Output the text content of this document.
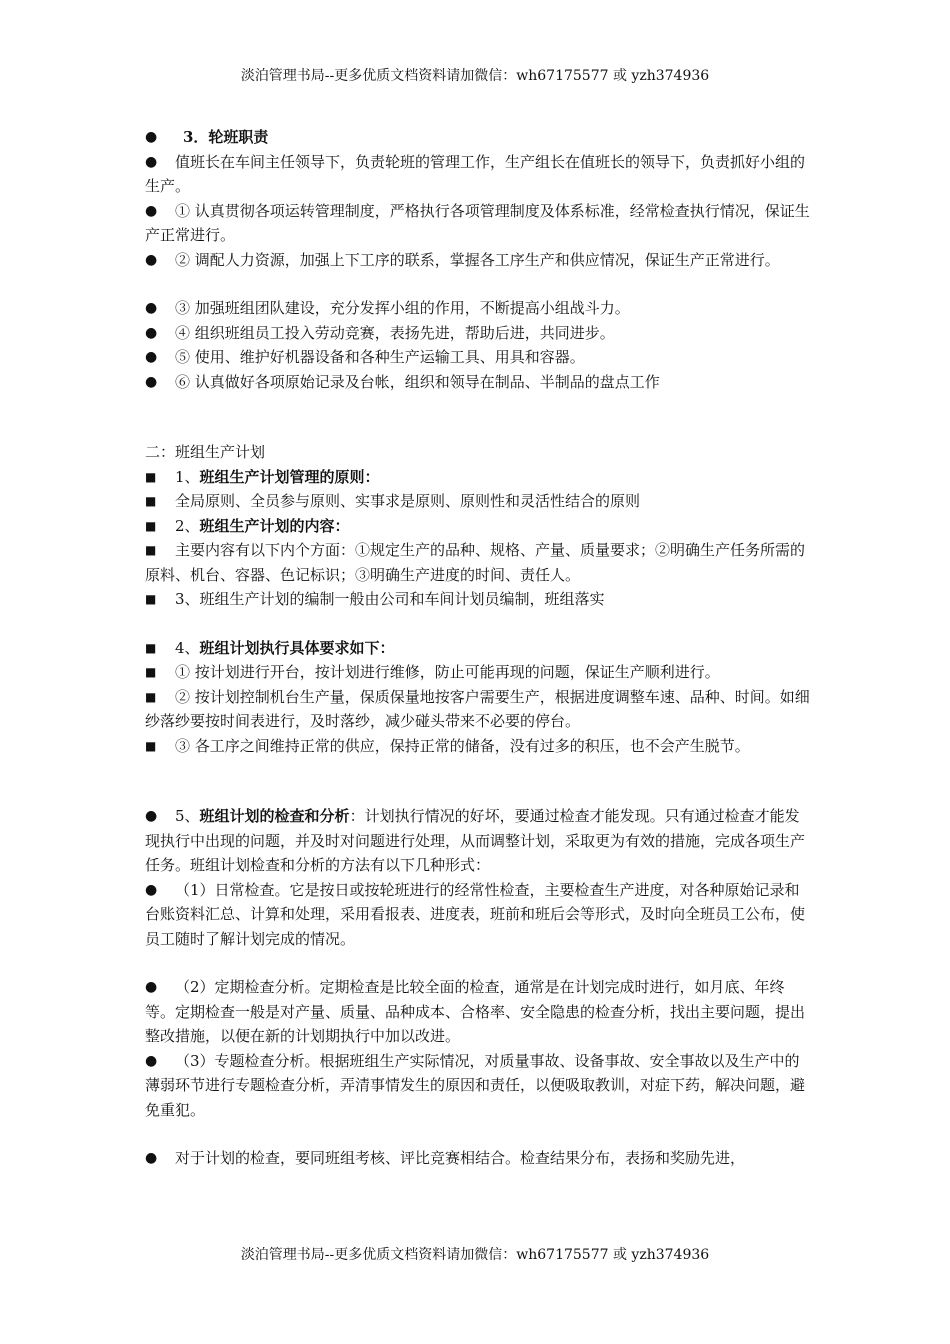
淡泊管理书局--更多优质文档资料请加微信：wh67175577 或 yzh374936
●	3．轮班职责
●	值班长在车间主任领导下，负责轮班的管理工作，生产组长在值班长的领导下，负责抓好小组的生产。
●	① 认真贯彻各项运转管理制度，严格执行各项管理制度及体系标准，经常检查执行情况，保证生产正常进行。
●	② 调配人力资源，加强上下工序的联系，掌握各工序生产和供应情况，保证生产正常进行。
●	③ 加强班组团队建设，充分发挥小组的作用，不断提高小组战斗力。
●	④ 组织班组员工投入劳动竞赛，表扬先进，帮助后进，共同进步。
●	⑤ 使用、维护好机器设备和各种生产运输工具、用具和容器。
●	⑥ 认真做好各项原始记录及台帐，组织和领导在制品、半制品的盘点工作

二：班组生产计划

■	1、班组生产计划管理的原则：
■	全局原则、全员参与原则、实事求是原则、原则性和灵活性结合的原则
■	2、班组生产计划的内容：
■	主要内容有以下内个方面：①规定生产的品种、规格、产量、质量要求；②明确生产任务所需的原料、机台、容器、色记标识；③明确生产进度的时间、责任人。
■	3、班组生产计划的编制一般由公司和车间计划员编制，班组落实
■	4、班组计划执行具体要求如下：
■	① 按计划进行开台，按计划进行维修，防止可能再现的问题，保证生产顺利进行。
■	② 按计划控制机台生产量，保质保量地按客户需要生产，根据进度调整车速、品种、时间。如细纱落纱要按时间表进行，及时落纱，减少碰头带来不必要的停台。
■	③ 各工序之间维持正常的供应，保持正常的储备，没有过多的积压，也不会产生脱节。
●	5、班组计划的检查和分析：计划执行情况的好坏，要通过检查才能发现。只有通过检查才能发现执行中出现的问题，并及时对问题进行处理，从而调整计划，采取更为有效的措施，完成各项生产任务。班组计划检查和分析的方法有以下几种形式：
●	（1）日常检查。它是按日或按轮班进行的经常性检查，主要检查生产进度，对各种原始记录和台账资料汇总、计算和处理，采用看报表、进度表，班前和班后会等形式，及时向全班员工公布，使员工随时了解计划完成的情况。
●	（2）定期检查分析。定期检查是比较全面的检查，通常是在计划完成时进行，如月底、年终等。定期检查一般是对产量、质量、品种成本、合格率、安全隐患的检查分析，找出主要问题，提出整改措施，以便在新的计划期执行中加以改进。
●	（3）专题检查分析。根据班组生产实际情况，对质量事故、设备事故、安全事故以及生产中的薄弱环节进行专题检查分析，弄清事情发生的原因和责任，以便吸取教训，对症下药，解决问题，避免重犯。
●	对于计划的检查，要同班组考核、评比竞赛相结合。检查结果分布，表扬和奖励先进，
淡泊管理书局--更多优质文档资料请加微信：wh67175577 或 yzh374936
